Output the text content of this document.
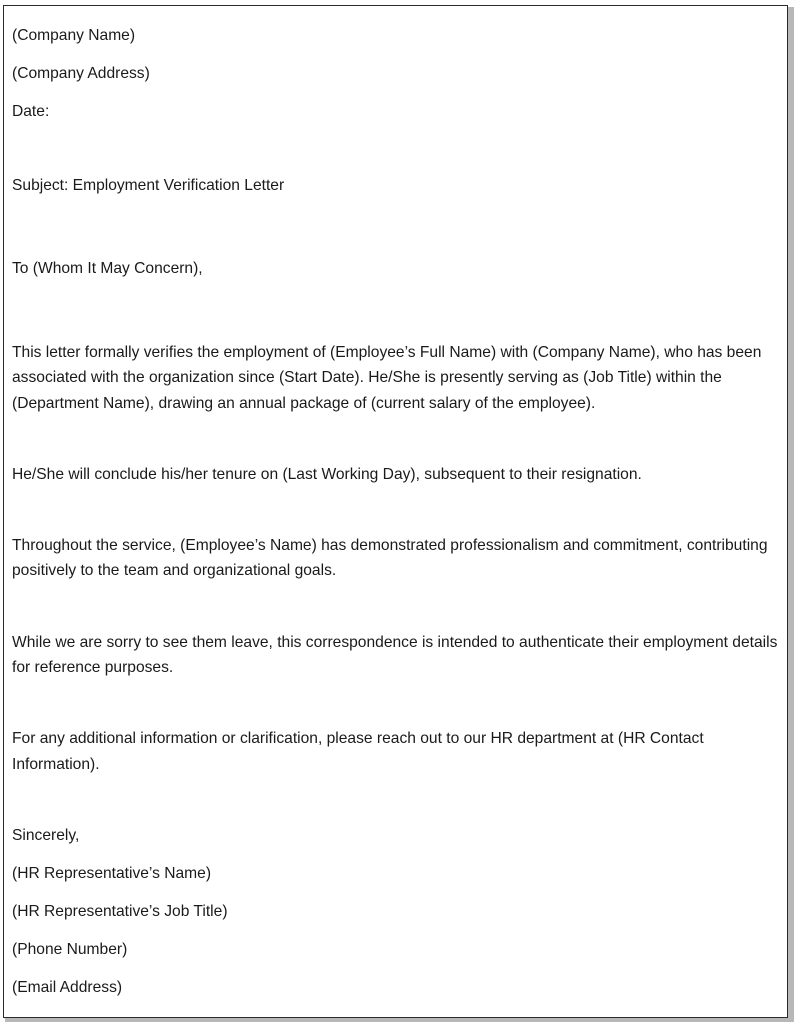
(Company Name)

(Company Address)

Date:

Subject: Employment Verification Letter

To (Whom It May Concern),

This letter formally verifies the employment of (Employee’s Full Name) with (Company Name), who has been associated with the organization since (Start Date). He/She is presently serving as (Job Title) within the (Department Name), drawing an annual package of (current salary of the employee).

He/She will conclude his/her tenure on (Last Working Day), subsequent to their resignation.

Throughout the service, (Employee’s Name) has demonstrated professionalism and commitment, contributing positively to the team and organizational goals.

While we are sorry to see them leave, this correspondence is intended to authenticate their employment details for reference purposes.

For any additional information or clarification, please reach out to our HR department at (HR Contact Information).

Sincerely,

(HR Representative’s Name)

(HR Representative’s Job Title)

(Phone Number)

(Email Address)
